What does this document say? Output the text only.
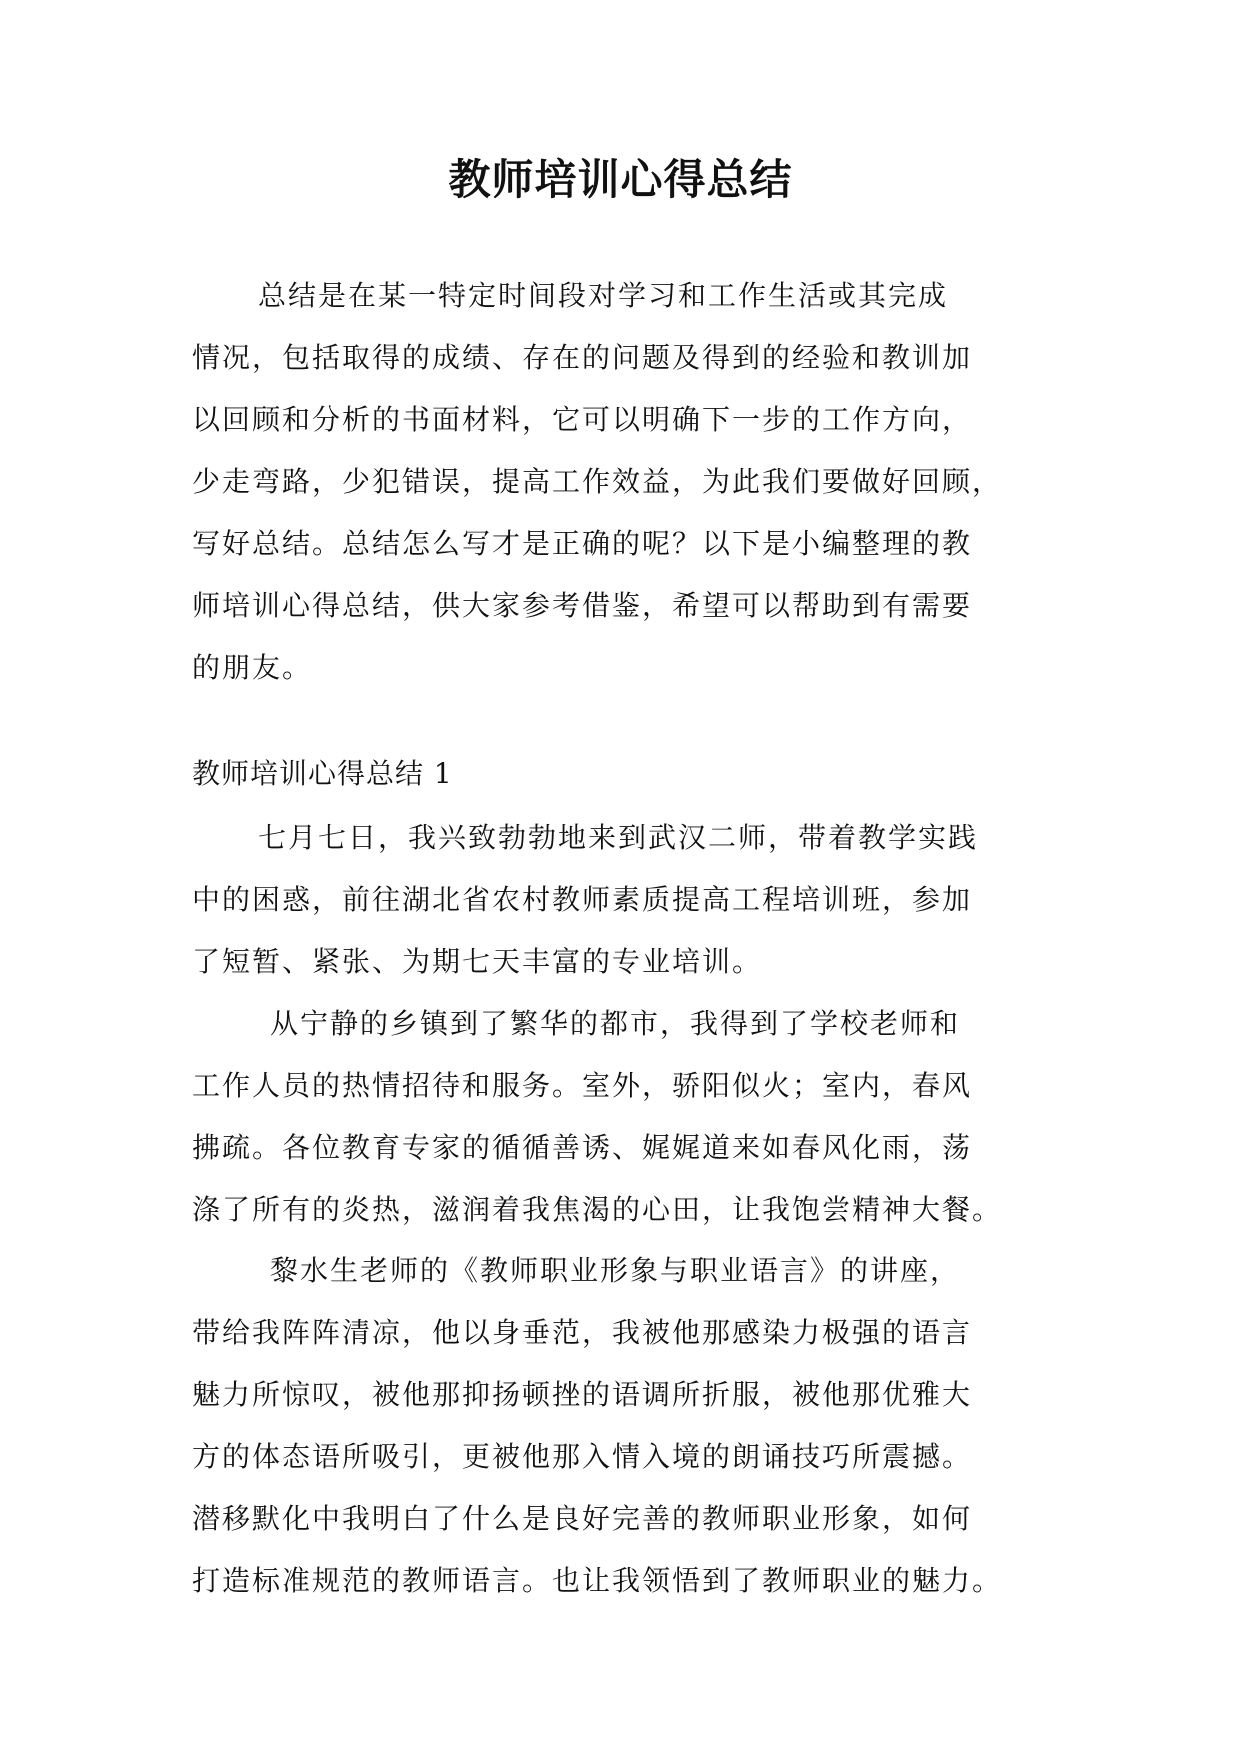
教师培训心得总结
总结是在某一特定时间段对学习和工作生活或其完成
情况，包括取得的成绩、存在的问题及得到的经验和教训加
以回顾和分析的书面材料，它可以明确下一步的工作方向，
少走弯路，少犯错误，提高工作效益，为此我们要做好回顾，
写好总结。总结怎么写才是正确的呢？以下是小编整理的教
师培训心得总结，供大家参考借鉴，希望可以帮助到有需要
的朋友。
教师培训心得总结 1
七月七日，我兴致勃勃地来到武汉二师，带着教学实践
中的困惑，前往湖北省农村教师素质提高工程培训班，参加
了短暂、紧张、为期七天丰富的专业培训。
从宁静的乡镇到了繁华的都市，我得到了学校老师和
工作人员的热情招待和服务。室外，骄阳似火；室内，春风
拂疏。各位教育专家的循循善诱、娓娓道来如春风化雨，荡
涤了所有的炎热，滋润着我焦渴的心田，让我饱尝精神大餐。
黎水生老师的《教师职业形象与职业语言》的讲座，
带给我阵阵清凉，他以身垂范，我被他那感染力极强的语言
魅力所惊叹，被他那抑扬顿挫的语调所折服，被他那优雅大
方的体态语所吸引，更被他那入情入境的朗诵技巧所震撼。
潜移默化中我明白了什么是良好完善的教师职业形象，如何
打造标准规范的教师语言。也让我领悟到了教师职业的魅力。
